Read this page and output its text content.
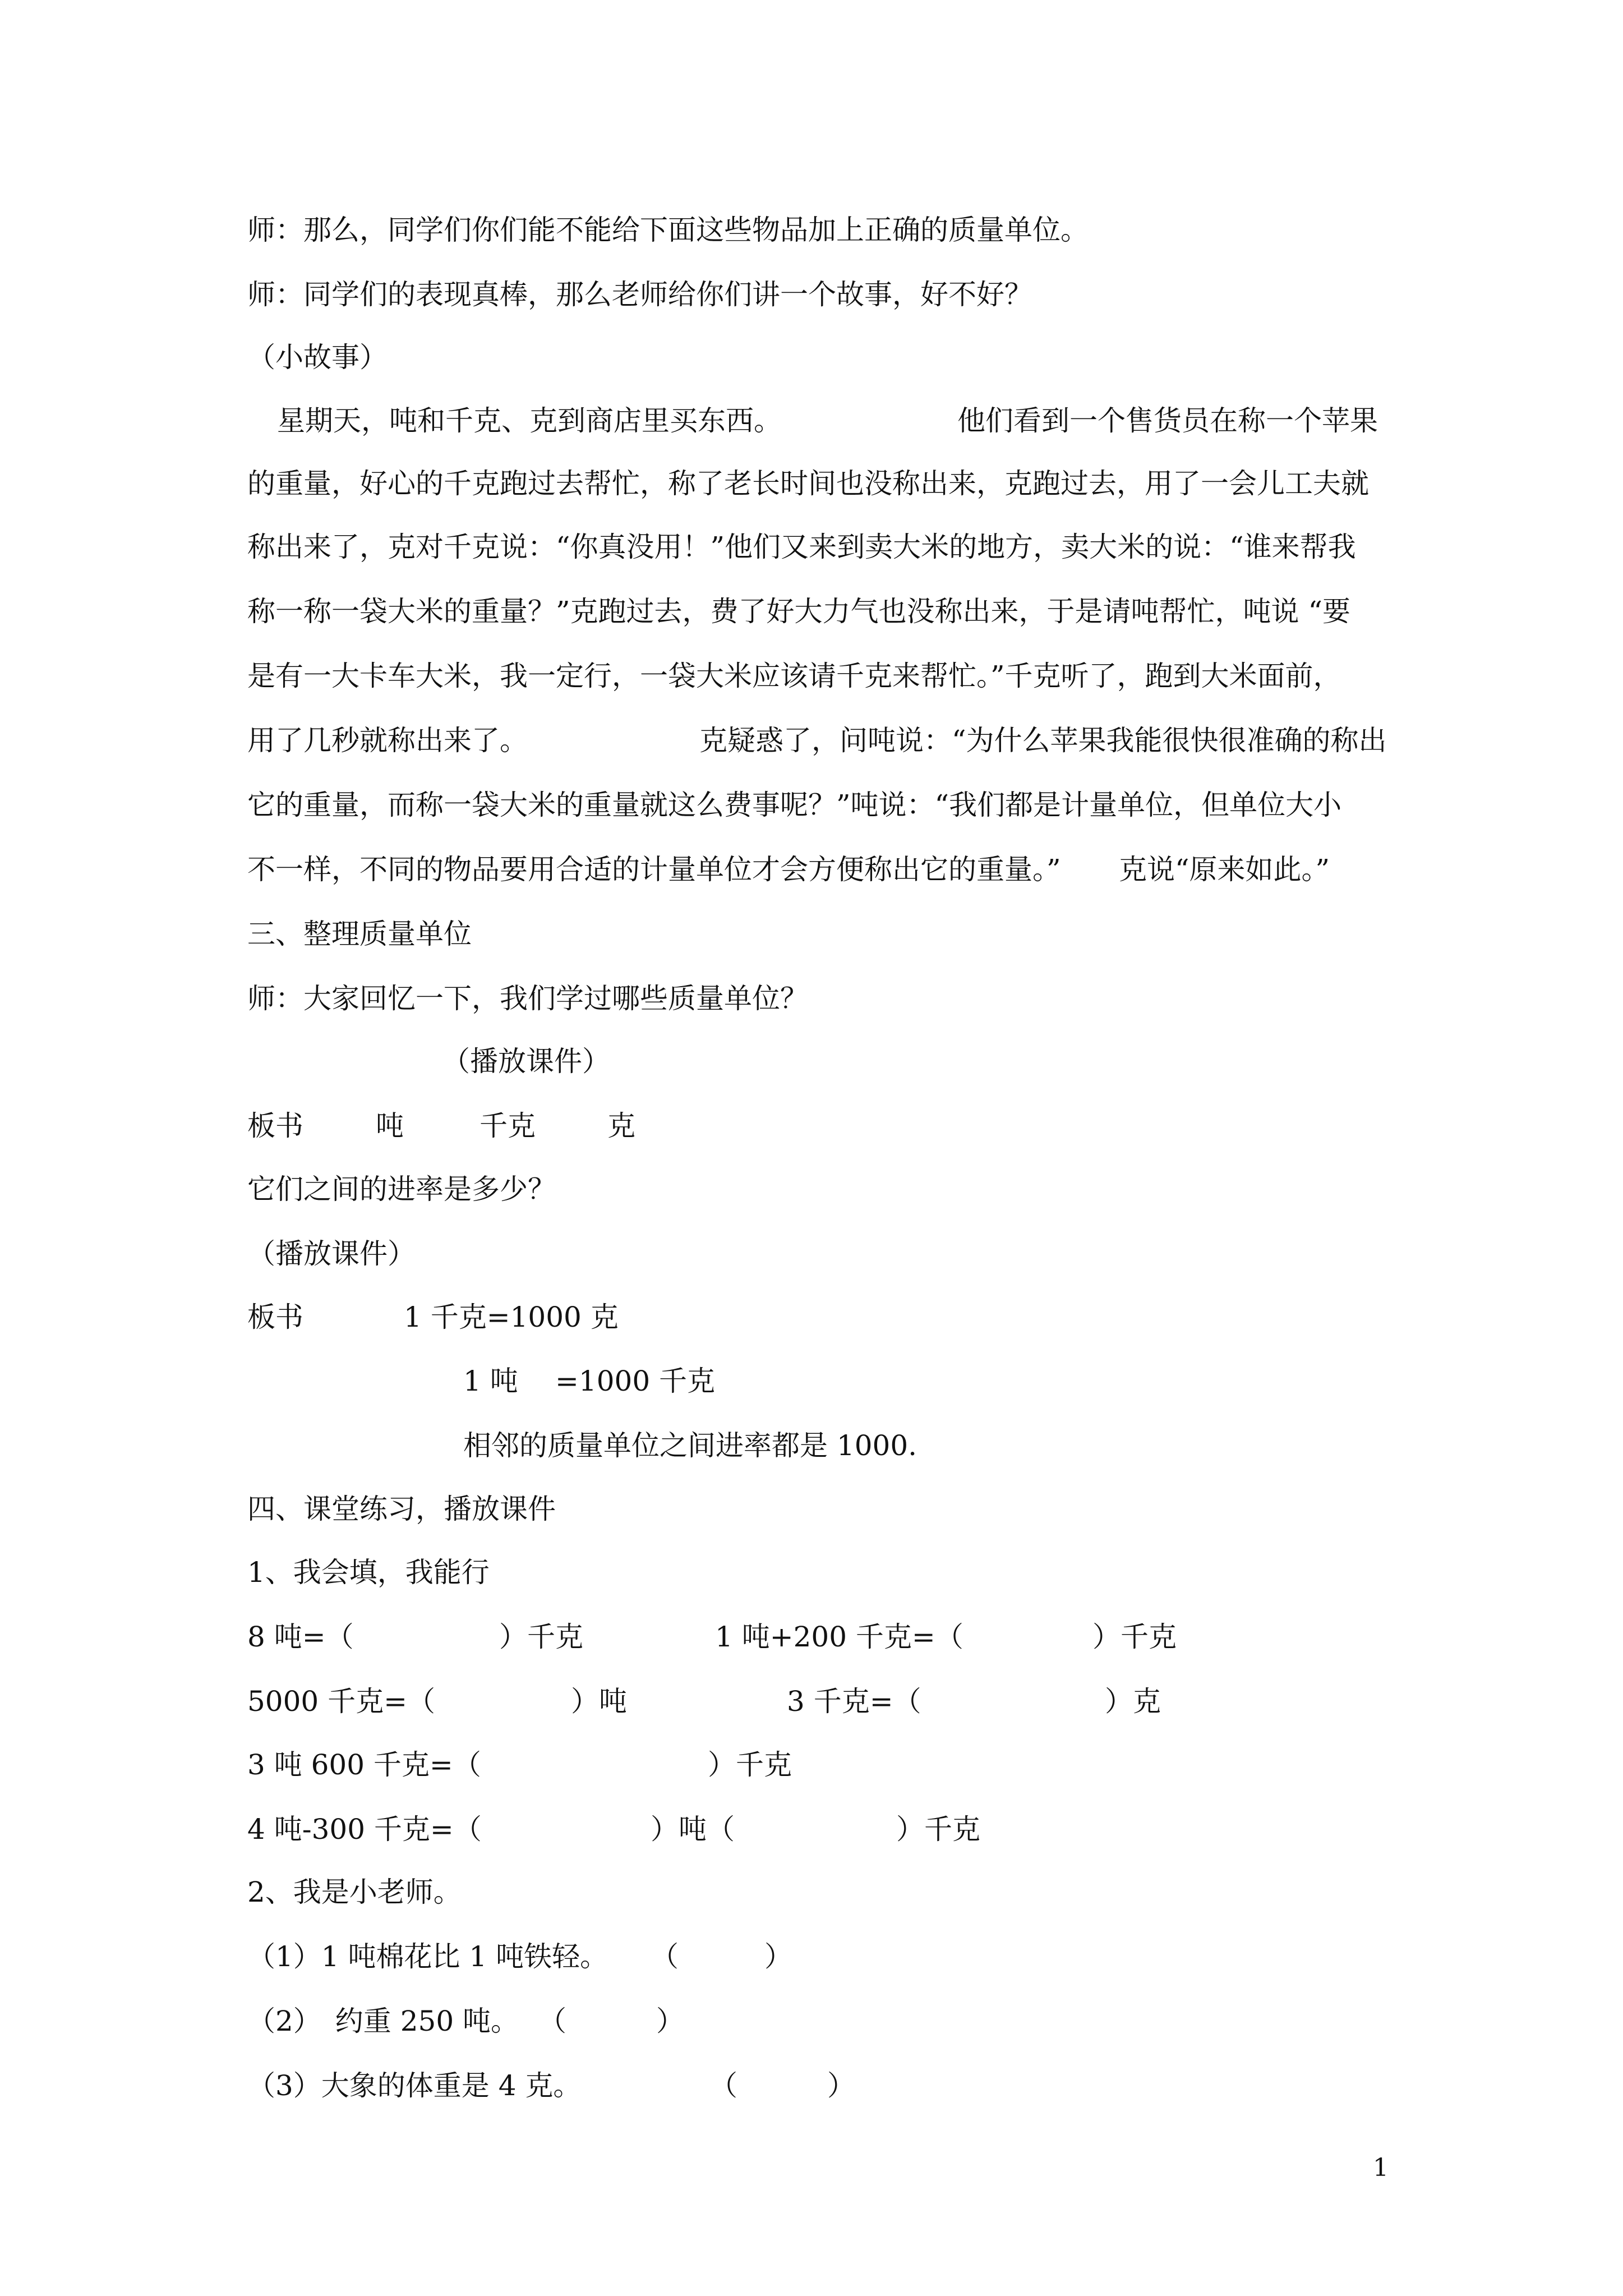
师：那么，同学们你们能不能给下面这些物品加上正确的质量单位。

师：同学们的表现真棒，那么老师给你们讲一个故事，好不好？

（小故事）

星期天，吨和千克、克到商店里买东西。	他们看到一个售货员在称一个苹果

的重量，好心的千克跑过去帮忙，称了老长时间也没称出来，克跑过去，用了一会儿工夫就

称出来了，克对千克说：“你真没用！”他们又来到卖大米的地方，卖大米的说：“谁来帮我

称一称一袋大米的重量？”克跑过去，费了好大力气也没称出来，于是请吨帮忙，吨说 “要

是有一大卡车大米，我一定行，一袋大米应该请千克来帮忙。”千克听了，跑到大米面前，

用了几秒就称出来了。	克疑惑了，问吨说：“为什么苹果我能很快很准确的称出

它的重量，而称一袋大米的重量就这么费事呢？”吨说：“我们都是计量单位，但单位大小

不一样，不同的物品要用合适的计量单位才会方便称出它的重量。” 克说“原来如此。”

三、整理质量单位

师：大家回忆一下，我们学过哪些质量单位？

（播放课件）

板书	吨	千克	克

它们之间的进率是多少？

（播放课件）

板书	1 千克=1000 克

1 吨 =1000 千克

相邻的质量单位之间进率都是 1000.

四、课堂练习，播放课件

1、我会填，我能行

8 吨=（	）千克	1 吨+200 千克=（	）千克

5000 千克=（	）吨	3 千克=（	）克

3 吨 600 千克=（	）千克

4 吨-300 千克=（	）吨（	）千克

2、我是小老师。

（1）1 吨棉花比 1 吨铁轻。 （	）

（2）　约重 250 吨。 （	）

（3）大象的体重是 4 克。	（	）

1
